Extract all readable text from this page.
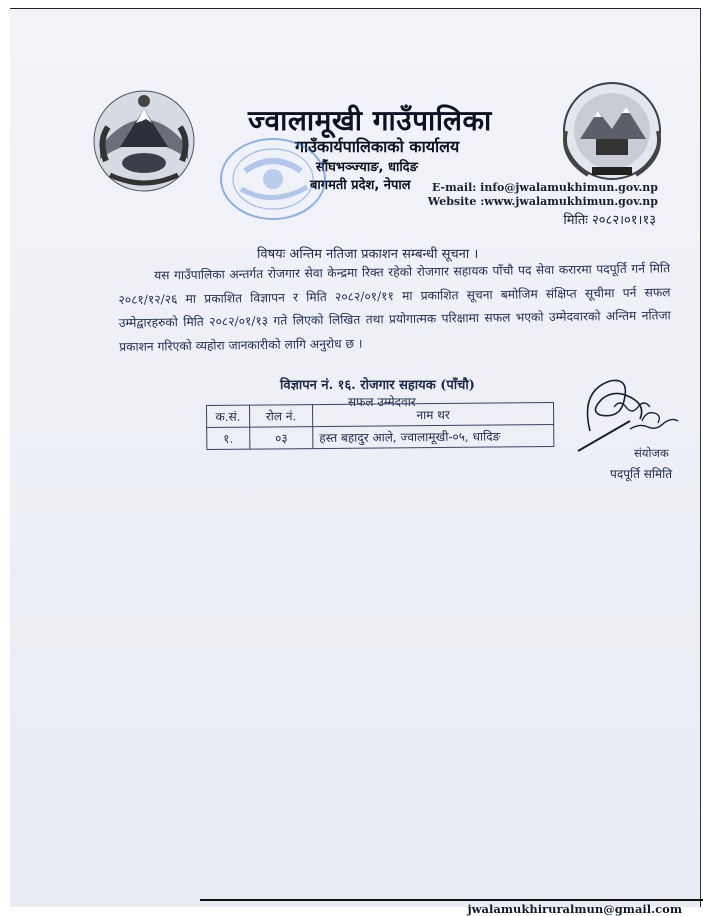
ज्वालामूखी गाउँपालिका
गाउँकार्यपालिकाको कार्यालय
सौंघभञ्ज्याङ, धादिङ
बागमती प्रदेश, नेपाल E-mail: info@jwalamukhimun.gov.np
Website :www.jwalamukhimun.gov.np
मितिः २०८२।०१।१३
विषयः अन्तिम नतिजा प्रकाशन सम्बन्धी सूचना ।

यस गाउँपालिका अन्तर्गत रोजगार सेवा केन्द्रमा रिक्त रहेको रोजगार सहायक पाँचौ पद सेवा करारमा पदपूर्ति गर्न मिति २०८१/१२/२६ मा प्रकाशित विज्ञापन र मिति २०८२/०१/११ मा प्रकाशित सूचना बमोजिम संक्षिप्त सूचीमा पर्न सफल उम्मेद्वारहरुको मिति २०८२/०१/१३ गते लिएको लिखित तथा प्रयोगात्मक परिक्षामा सफल भएको उम्मेदवारको अन्तिम नतिजा प्रकाशन गरिएको व्यहोरा जानकारीको लागि अनुरोध छ ।

विज्ञापन नं. १६. रोजगार सहायक (पाँचौ)
सफल उम्मेदवार
क.सं.	रोल नं.	नाम थर
१.	०३	हस्त बहादुर आले, ज्वालामूखी-०५, धादिङ
संयोजक
पदपूर्ति समिति
jwalamukhiruralmun@gmail.com
